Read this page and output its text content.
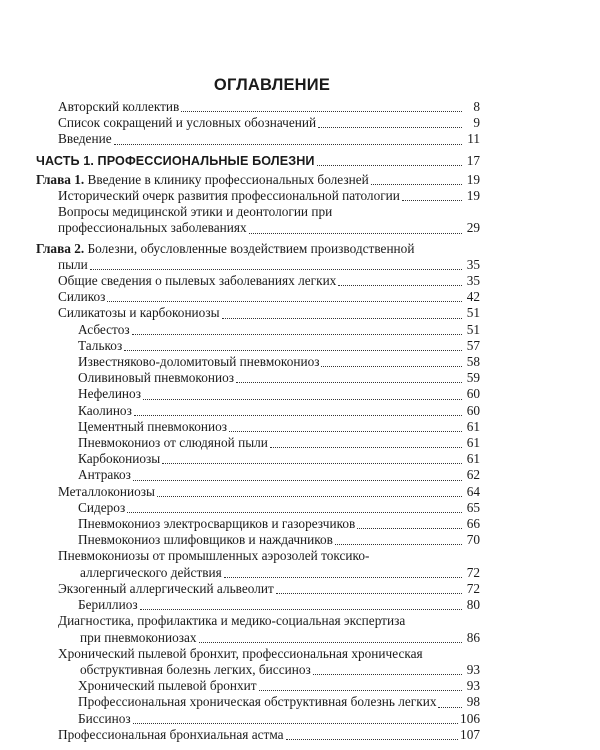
ОГЛАВЛЕНИЕ
Авторский коллектив	8
Список сокращений и условных обозначений	9
Введение	11
ЧАСТЬ 1. ПРОФЕССИОНАЛЬНЫЕ БОЛЕЗНИ	17
Глава 1. Введение в клинику профессиональных болезней	19
Исторический очерк развития профессиональной патологии	19
Вопросы медицинской этики и деонтологии при
профессиональных заболеваниях	29
Глава 2. Болезни, обусловленные воздействием производственной
пыли	35
Общие сведения о пылевых заболеваниях легких	35
Силикоз	42
Силикатозы и карбокониозы	51
Асбестоз	51
Талькоз	57
Известняково-доломитовый пневмокониоз	58
Оливиновый пневмокониоз	59
Нефелиноз	60
Каолиноз	60
Цементный пневмокониоз	61
Пневмокониоз от слюдяной пыли	61
Карбокониозы	61
Антракоз	62
Металлокониозы	64
Сидероз	65
Пневмокониоз электросварщиков и газорезчиков	66
Пневмокониоз шлифовщиков и наждачников	70
Пневмокониозы от промышленных аэрозолей токсико-
аллергического действия	72
Экзогенный аллергический альвеолит	72
Бериллиоз	80
Диагностика, профилактика и медико-социальная экспертиза
при пневмокониозах	86
Хронический пылевой бронхит, профессиональная хроническая
обструктивная болезнь легких, биссиноз	93
Хронический пылевой бронхит	93
Профессиональная хроническая обструктивная болезнь легких 98
Биссиноз	106
Профессиональная бронхиальная астма	107
